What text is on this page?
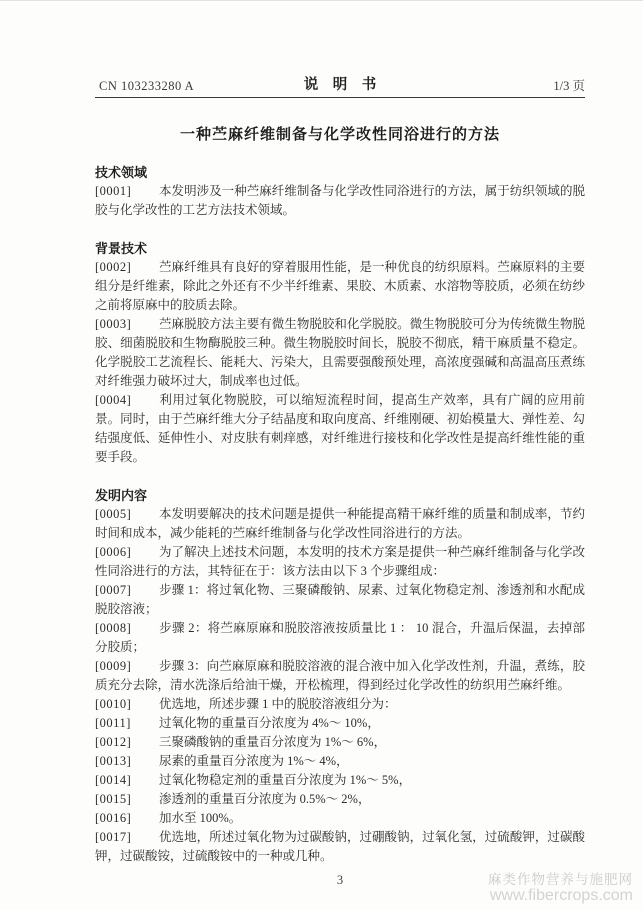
CN 103233280 A	说　明　书	1/3 页
一种苎麻纤维制备与化学改性同浴进行的方法
技术领域

[0001] 本发明涉及一种苎麻纤维制备与化学改性同浴进行的方法，属于纺织领域的脱胶与化学改性的工艺方法技术领域。

背景技术

[0002] 苎麻纤维具有良好的穿着服用性能，是一种优良的纺织原料。苎麻原料的主要组分是纤维素，除此之外还有不少半纤维素、果胶、木质素、水溶物等胶质，必须在纺纱之前将原麻中的胶质去除。

[0003] 苎麻脱胶方法主要有微生物脱胶和化学脱胶。微生物脱胶可分为传统微生物脱胶、细菌脱胶和生物酶脱胶三种。微生物脱胶时间长，脱胶不彻底，精干麻质量不稳定。化学脱胶工艺流程长、能耗大、污染大，且需要强酸预处理，高浓度强碱和高温高压煮练对纤维强力破坏过大，制成率也过低。

[0004] 利用过氧化物脱胶，可以缩短流程时间，提高生产效率，具有广阔的应用前景。同时，由于苎麻纤维大分子结晶度和取向度高、纤维刚硬、初始模量大、弹性差、勾结强度低、延伸性小、对皮肤有刺痒感，对纤维进行接枝和化学改性是提高纤维性能的重要手段。

发明内容

[0005] 本发明要解决的技术问题是提供一种能提高精干麻纤维的质量和制成率，节约时间和成本，减少能耗的苎麻纤维制备与化学改性同浴进行的方法。

[0006] 为了解决上述技术问题，本发明的技术方案是提供一种苎麻纤维制备与化学改性同浴进行的方法，其特征在于：该方法由以下 3 个步骤组成：

[0007] 步骤 1：将过氧化物、三聚磷酸钠、尿素、过氧化物稳定剂、渗透剂和水配成脱胶溶液；

[0008] 步骤 2：将苎麻原麻和脱胶溶液按质量比 1 ： 10 混合，升温后保温，去掉部分胶质；

[0009] 步骤 3：向苎麻原麻和脱胶溶液的混合液中加入化学改性剂，升温，煮练，胶质充分去除，清水洗涤后给油干燥，开松梳理，得到经过化学改性的纺织用苎麻纤维。

[0010] 优选地，所述步骤 1 中的脱胶溶液组分为：

[0011] 过氧化物的重量百分浓度为 4%～ 10%，

[0012] 三聚磷酸钠的重量百分浓度为 1%～ 6%，

[0013] 尿素的重量百分浓度为 1%～ 4%，

[0014] 过氧化物稳定剂的重量百分浓度为 1%～ 5%，

[0015] 渗透剂的重量百分浓度为 0.5%～ 2%，

[0016] 加水至 100%。

[0017] 优选地，所述过氧化物为过碳酸钠，过硼酸钠，过氧化氢，过硫酸钾，过碳酸钾，过碳酸铵，过硫酸铵中的一种或几种。

3	麻类作物营养与施肥网
www.fibercrops.com
